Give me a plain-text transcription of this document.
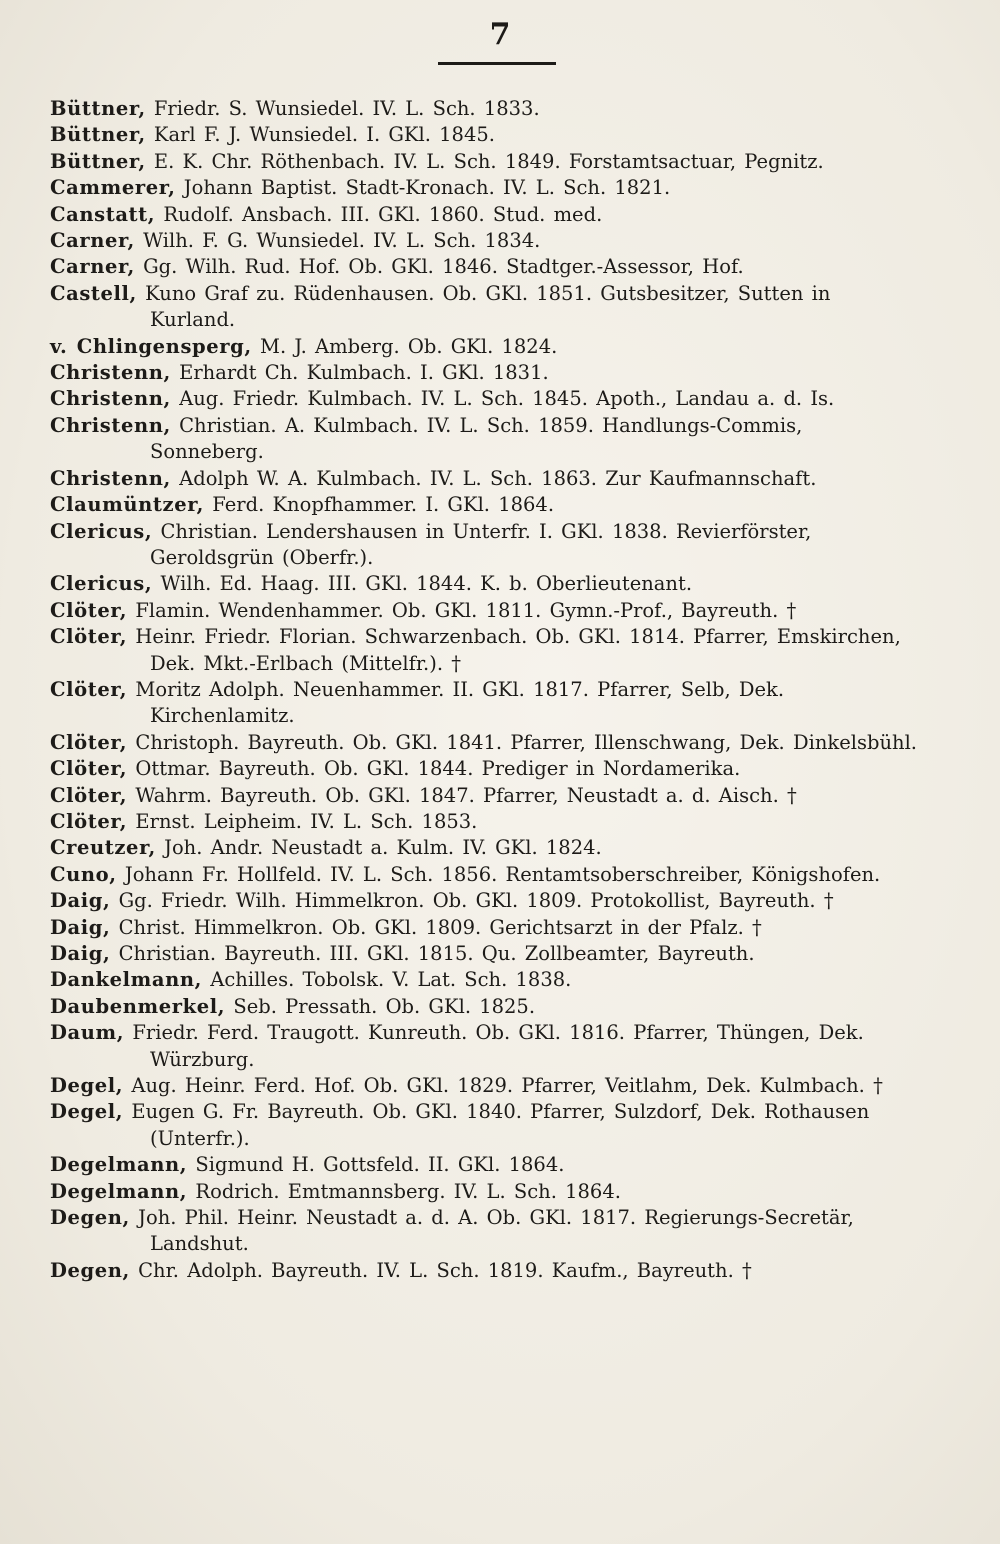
7
Büttner, Friedr. S. Wunsiedel. IV. L. Sch. 1833.
Büttner, Karl F. J. Wunsiedel. I. GKl. 1845.
Büttner, E. K. Chr. Röthenbach. IV. L. Sch. 1849. Forstamtsactuar, Pegnitz.
Cammerer, Johann Baptist. Stadt-Kronach. IV. L. Sch. 1821.
Canstatt, Rudolf. Ansbach. III. GKl. 1860. Stud. med.
Carner, Wilh. F. G. Wunsiedel. IV. L. Sch. 1834.
Carner, Gg. Wilh. Rud. Hof. Ob. GKl. 1846. Stadtger.-Assessor, Hof.
Castell, Kuno Graf zu. Rüdenhausen. Ob. GKl. 1851. Gutsbesitzer, Sutten in Kurland.
v. Chlingensperg, M. J. Amberg. Ob. GKl. 1824.
Christenn, Erhardt Ch. Kulmbach. I. GKl. 1831.
Christenn, Aug. Friedr. Kulmbach. IV. L. Sch. 1845. Apoth., Landau a. d. Is.
Christenn, Christian. A. Kulmbach. IV. L. Sch. 1859. Handlungs-Commis, Sonneberg.
Christenn, Adolph W. A. Kulmbach. IV. L. Sch. 1863. Zur Kaufmannschaft.
Claumüntzer, Ferd. Knopfhammer. I. GKl. 1864.
Clericus, Christian. Lendershausen in Unterfr. I. GKl. 1838. Revierförster, Geroldsgrün (Oberfr.).
Clericus, Wilh. Ed. Haag. III. GKl. 1844. K. b. Oberlieutenant.
Clöter, Flamin. Wendenhammer. Ob. GKl. 1811. Gymn.-Prof., Bayreuth. †
Clöter, Heinr. Friedr. Florian. Schwarzenbach. Ob. GKl. 1814. Pfarrer, Emskirchen, Dek. Mkt.-Erlbach (Mittelfr.). †
Clöter, Moritz Adolph. Neuenhammer. II. GKl. 1817. Pfarrer, Selb, Dek. Kirchenlamitz.
Clöter, Christoph. Bayreuth. Ob. GKl. 1841. Pfarrer, Illenschwang, Dek. Dinkelsbühl.
Clöter, Ottmar. Bayreuth. Ob. GKl. 1844. Prediger in Nordamerika.
Clöter, Wahrm. Bayreuth. Ob. GKl. 1847. Pfarrer, Neustadt a. d. Aisch. †
Clöter, Ernst. Leipheim. IV. L. Sch. 1853.
Creutzer, Joh. Andr. Neustadt a. Kulm. IV. GKl. 1824.
Cuno, Johann Fr. Hollfeld. IV. L. Sch. 1856. Rentamtsoberschreiber, Königshofen.
Daig, Gg. Friedr. Wilh. Himmelkron. Ob. GKl. 1809. Protokollist, Bayreuth. †
Daig, Christ. Himmelkron. Ob. GKl. 1809. Gerichtsarzt in der Pfalz. †
Daig, Christian. Bayreuth. III. GKl. 1815. Qu. Zollbeamter, Bayreuth.
Dankelmann, Achilles. Tobolsk. V. Lat. Sch. 1838.
Daubenmerkel, Seb. Pressath. Ob. GKl. 1825.
Daum, Friedr. Ferd. Traugott. Kunreuth. Ob. GKl. 1816. Pfarrer, Thüngen, Dek. Würzburg.
Degel, Aug. Heinr. Ferd. Hof. Ob. GKl. 1829. Pfarrer, Veitlahm, Dek. Kulmbach. †
Degel, Eugen G. Fr. Bayreuth. Ob. GKl. 1840. Pfarrer, Sulzdorf, Dek. Rothausen (Unterfr.).
Degelmann, Sigmund H. Gottsfeld. II. GKl. 1864.
Degelmann, Rodrich. Emtmannsberg. IV. L. Sch. 1864.
Degen, Joh. Phil. Heinr. Neustadt a. d. A. Ob. GKl. 1817. Regierungs-Secretär, Landshut.
Degen, Chr. Adolph. Bayreuth. IV. L. Sch. 1819. Kaufm., Bayreuth. †
